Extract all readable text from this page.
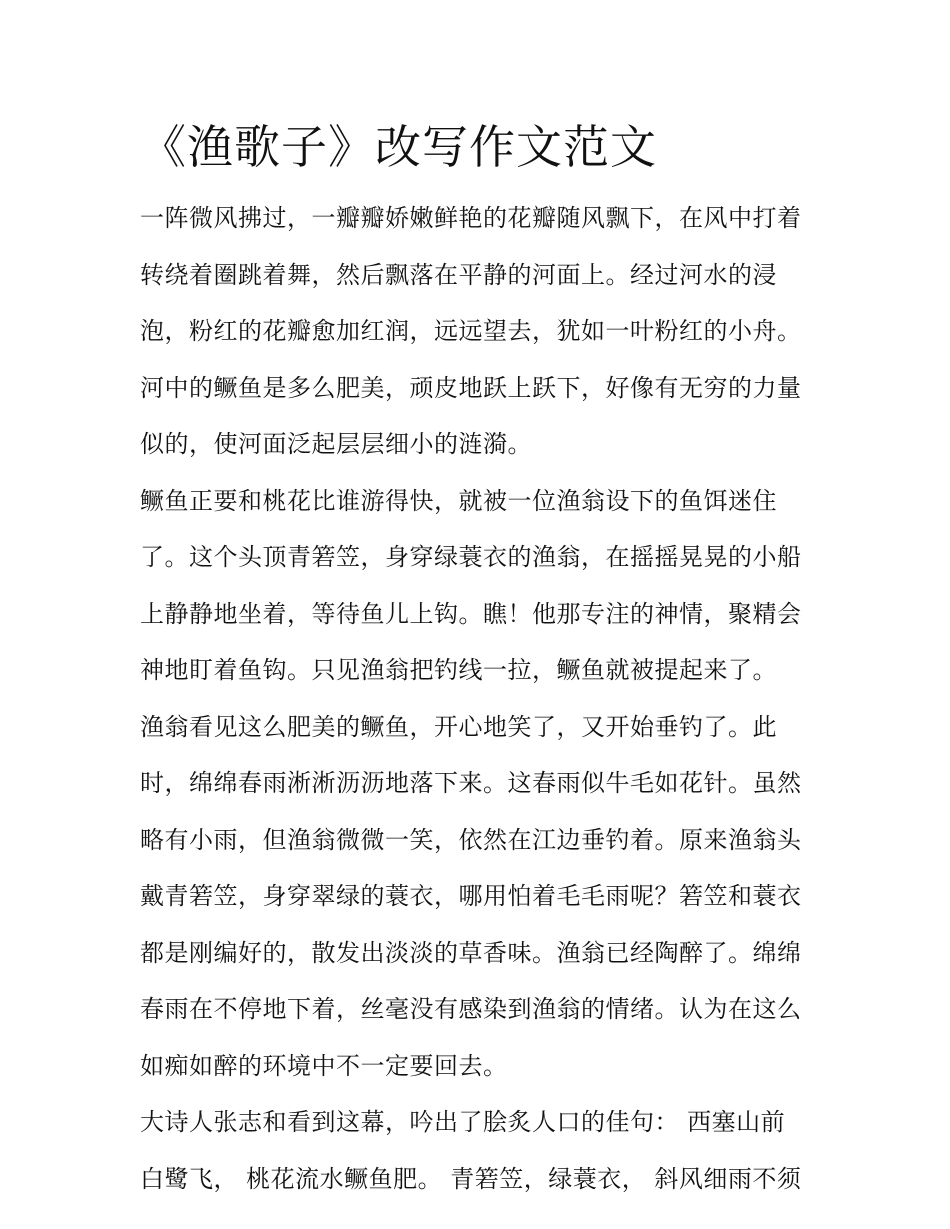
《渔歌子》改写作文范文
一阵微风拂过，一瓣瓣娇嫩鲜艳的花瓣随风飘下，在风中打着
转绕着圈跳着舞，然后飘落在平静的河面上。经过河水的浸
泡，粉红的花瓣愈加红润，远远望去，犹如一叶粉红的小舟。
河中的鳜鱼是多么肥美，顽皮地跃上跃下，好像有无穷的力量
似的，使河面泛起层层细小的涟漪。
鳜鱼正要和桃花比谁游得快，就被一位渔翁设下的鱼饵迷住
了。这个头顶青箬笠，身穿绿蓑衣的渔翁，在摇摇晃晃的小船
上静静地坐着，等待鱼儿上钩。瞧！他那专注的神情，聚精会
神地盯着鱼钩。只见渔翁把钓线一拉，鳜鱼就被提起来了。
渔翁看见这么肥美的鳜鱼，开心地笑了，又开始垂钓了。此
时，绵绵春雨淅淅沥沥地落下来。这春雨似牛毛如花针。虽然
略有小雨，但渔翁微微一笑，依然在江边垂钓着。原来渔翁头
戴青箬笠，身穿翠绿的蓑衣，哪用怕着毛毛雨呢？箬笠和蓑衣
都是刚编好的，散发出淡淡的草香味。渔翁已经陶醉了。绵绵
春雨在不停地下着，丝毫没有感染到渔翁的情绪。认为在这么
如痴如醉的环境中不一定要回去。
大诗人张志和看到这幕，吟出了脍炙人口的佳句： 西塞山前
白鹭飞， 桃花流水鳜鱼肥。 青箬笠，绿蓑衣， 斜风细雨不须
